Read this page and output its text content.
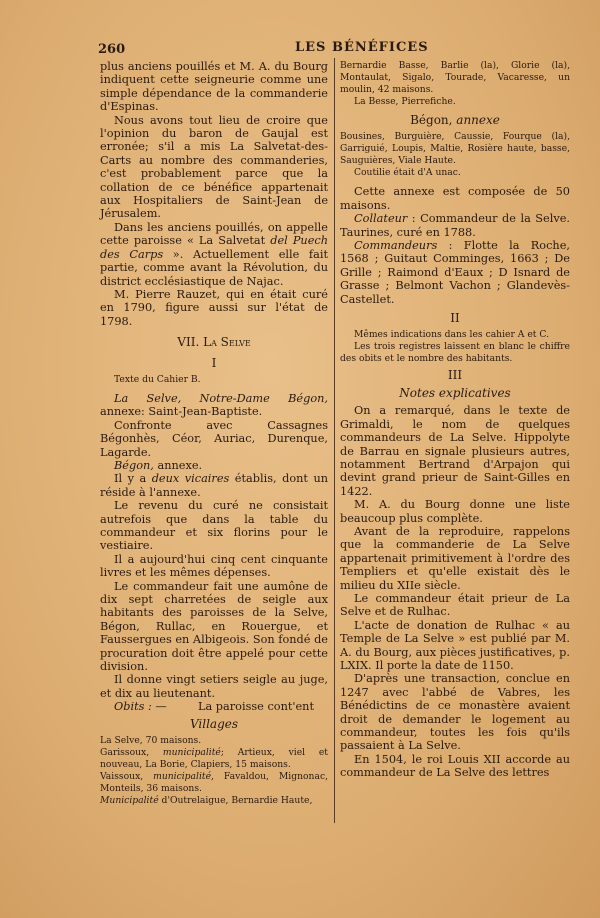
260	LES BÉNÉFICES

plus anciens pouillés et M. A. du Bourg indiquent cette seigneurie comme une simple dépendance de la commanderie d'Espinas.

Nous avons tout lieu de croire que l'opinion du baron de Gaujal est erronée; s'il a mis La Salvetat-des-Carts au nombre des commanderies, c'est probablement parce que la collation de ce bénéfice appartenait aux Hospitaliers de Saint-Jean de Jérusalem.

Dans les anciens pouillés, on appelle cette paroisse « La Salvetat del Puech des Carps ». Actuellement elle fait partie, comme avant la Révolution, du district ecclésiastique de Najac.

M. Pierre Rauzet, qui en était curé en 1790, figure aussi sur l'état de 1798.

VII. La Selve
I

Texte du Cahier B.

La Selve, Notre-Dame Bégon, annexe: Saint-Jean-Baptiste.

Confronte avec Cassagnes Bégonhès, Céor, Auriac, Durenque, Lagarde.

Bégon, annexe.

Il y a deux vicaires établis, dont un réside à l'annexe.

Le revenu du curé ne consistait autrefois que dans la table du commandeur et six florins pour le vestiaire.

Il a aujourd'hui cinq cent cinquante livres et les mêmes dépenses.

Le commandeur fait une aumône de dix sept charretées de seigle aux habitants des paroisses de la Selve, Bégon, Rullac, en Rouergue, et Faussergues en Albigeois. Son fondé de procuration doit être appelé pour cette division.

Il donne vingt setiers seigle au juge, et dix au lieutenant.

Obits : —	La paroisse cont'ent

Villages

La Selve, 70 maisons.

Garissoux, municipalité; Artieux, viel et nouveau, La Borie, Clapiers, 15 maisons.

Vaissoux, municipalité, Favaldou, Mignonac, Monteils, 36 maisons.

Municipalité d'Outrelaigue, Bernardie Haute,

Bernardie Basse, Barlie (la), Glorie (la), Montaulat, Sigalo, Tourade, Vacaresse, un moulin, 42 maisons.

La Besse, Pierrefiche.

Bégon, annexe

Bousines, Burguière, Caussie, Fourque (la), Garriguié, Loupis, Maltie, Rosière haute, basse, Sauguières, Viale Haute.

Coutilie était d'A unac.

Cette annexe est composée de 50 maisons.

Collateur : Commandeur de la Selve. Taurines, curé en 1788.

Commandeurs : Flotte la Roche, 1568 ; Guitaut Comminges, 1663 ; De Grille ; Raimond d'Eaux ; D Isnard de Grasse ; Belmont Vachon ; Glandevès-Castellet.

II

Mêmes indications dans les cahier A et C.

Les trois registres laissent en blanc le chiffre des obits et le nombre des habitants.

III
Notes explicatives

On a remarqué, dans le texte de Grimaldi, le nom de quelques commandeurs de La Selve. Hippolyte de Barrau en signale plusieurs autres, notamment Bertrand d'Arpajon qui devint grand prieur de Saint-Gilles en 1422.

M. A. du Bourg donne une liste beaucoup plus complète.

Avant de la reproduire, rappelons que la commanderie de La Selve appartenait primitivement à l'ordre des Templiers et qu'elle existait dès le milieu du XIIe siècle.

Le commandeur était prieur de La Selve et de Rulhac.

L'acte de donation de Rulhac « au Temple de La Selve » est publié par M. A. du Bourg, aux pièces justificatives, p. LXIX. Il porte la date de 1150.

D'après une transaction, conclue en 1247 avec l'abbé de Vabres, les Bénédictins de ce monastère avaient droit de demander le logement au commandeur, toutes les fois qu'ils passaient à La Selve.

En 1504, le roi Louis XII accorde au commandeur de La Selve des lettres
